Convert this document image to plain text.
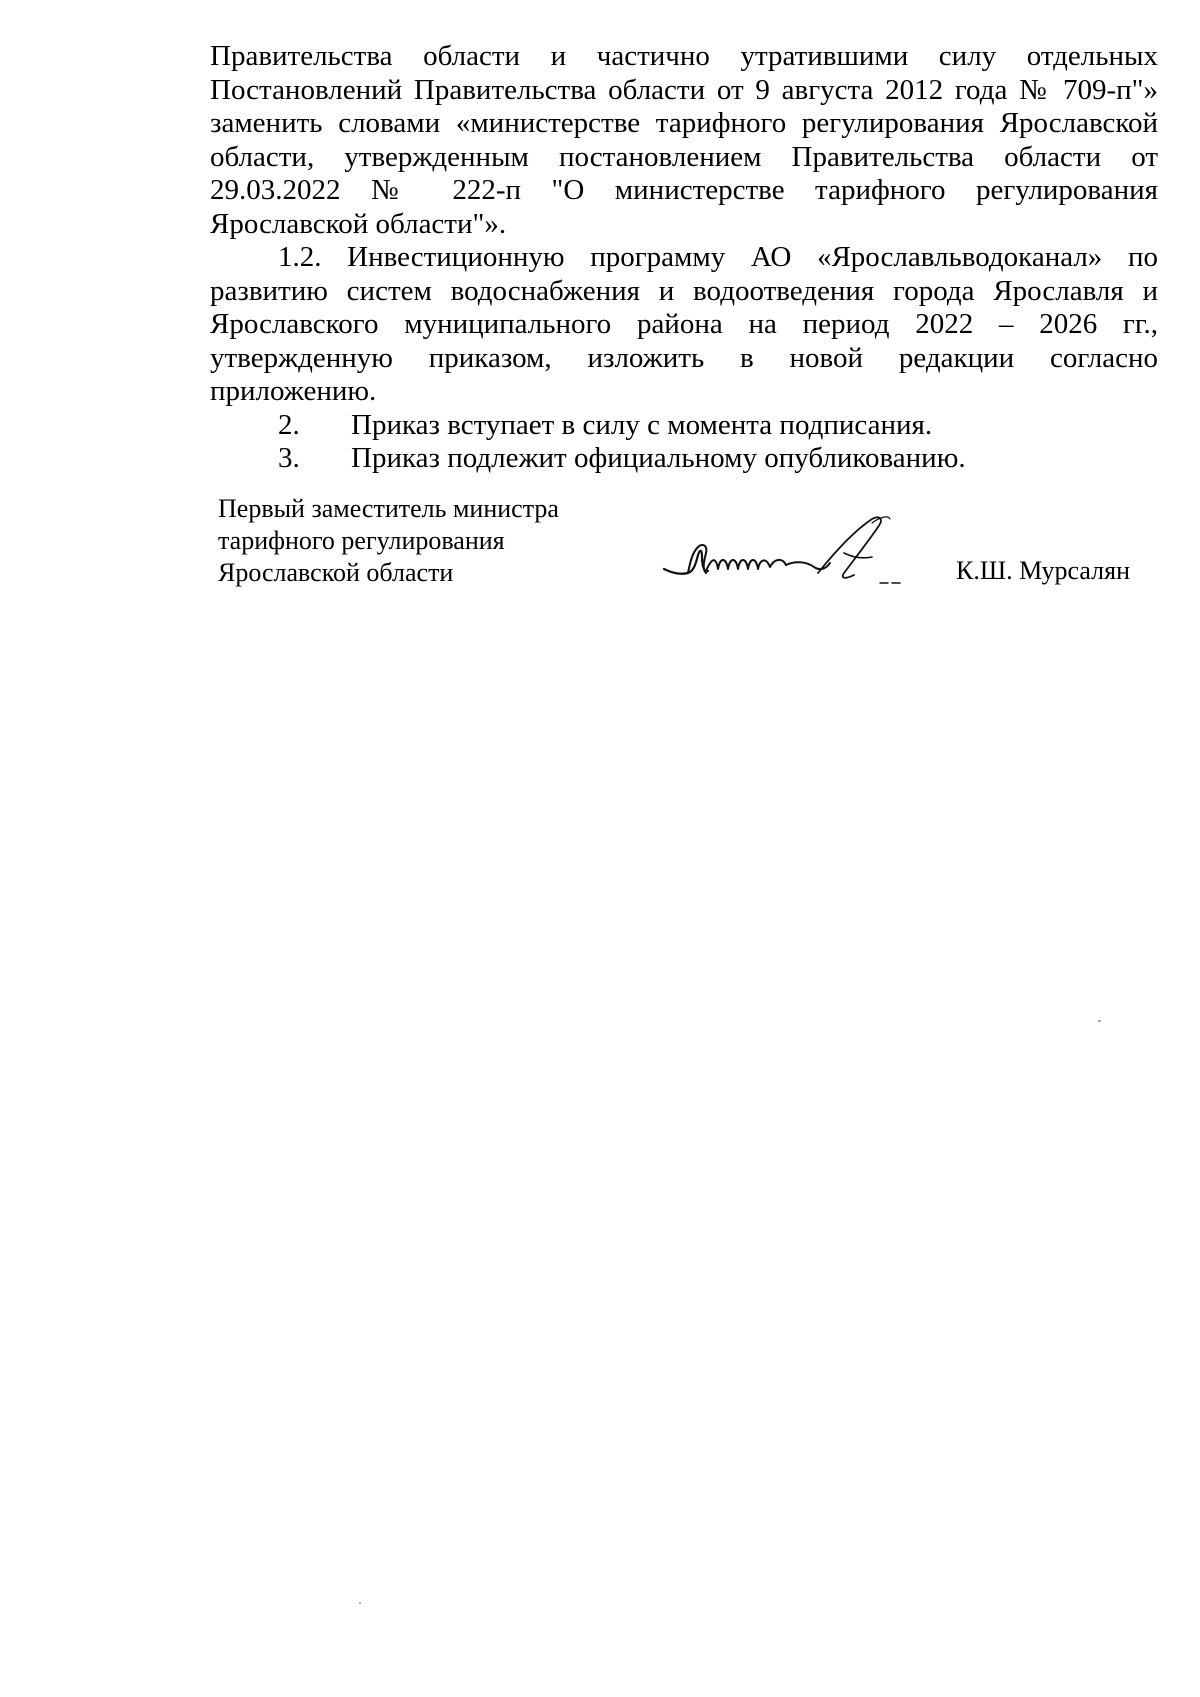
Правительства области и частично утратившими силу отдельных Постановлений Правительства области от 9 августа 2012 года № 709-п"» заменить словами «министерстве тарифного регулирования Ярославской области, утвержденным постановлением Правительства области от 29.03.2022 № 222-п "О министерстве тарифного регулирования Ярославской области"».

1.2. Инвестиционную программу АО «Ярославльводоканал» по развитию систем водоснабжения и водоотведения города Ярославля и Ярославского муниципального района на период 2022 – 2026 гг., утвержденную приказом, изложить в новой редакции согласно приложению.

2.	Приказ вступает в силу с момента подписания.
3.	Приказ подлежит официальному опубликованию.
Первый заместитель министра
тарифного регулирования
Ярославской области	К.Ш. Мурсалян
